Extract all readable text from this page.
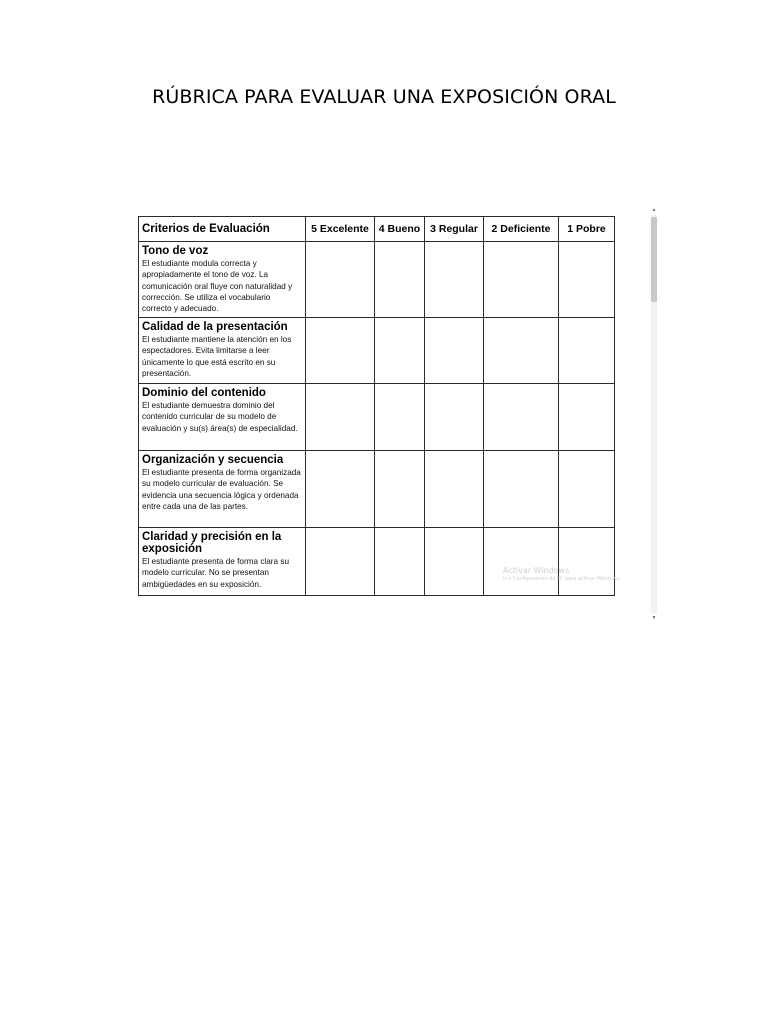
RÚBRICA PARA EVALUAR UNA EXPOSICIÓN ORAL
Criterios de Evaluación	5 Excelente	4 Bueno	3 Regular	2 Deficiente	1 Pobre

Tono de voz
El estudiante modula correcta y apropiadamente el tono de voz. La comunicación oral fluye con naturalidad y corrección. Se utiliza el vocabulario correcto y adecuado.					

Calidad de la presentación
El estudiante mantiene la atención en los espectadores. Evita limitarse a leer únicamente lo que está escrito en su presentación.					

Dominio del contenido
El estudiante demuestra dominio del contenido curricular de su modelo de evaluación y su(s) área(s) de especialidad.					

Organización y secuencia
El estudiante presenta de forma organizada su modelo curricular de evaluación. Se evidencia una secuencia lógica y ordenada entre cada una de las partes.					

Claridad y precisión en la exposición
El estudiante presenta de forma clara su modelo curricular. No se presentan ambigüedades en su exposición.					

Activar Windows
Ir a Configuración de PC para activar Windows.
▲
▼
